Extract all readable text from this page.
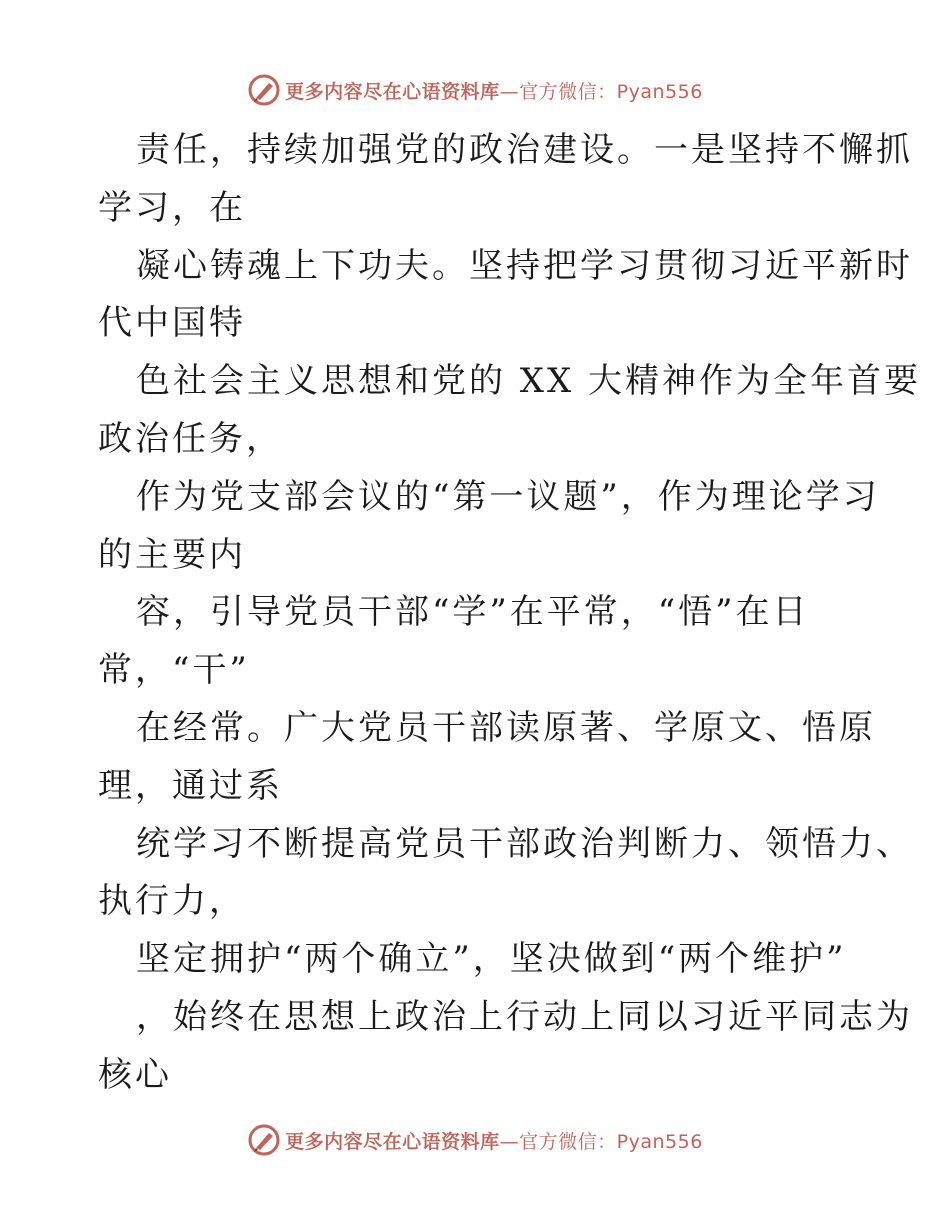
更多内容尽在心语资料库—官方微信：Pyan556
责任，持续加强党的政治建设。一是坚持不懈抓
学习，在
凝心铸魂上下功夫。坚持把学习贯彻习近平新时
代中国特
色社会主义思想和党的 XX 大精神作为全年首要
政治任务，
作为党支部会议的“第一议题”，作为理论学习
的主要内
容，引导党员干部“学”在平常，“悟”在日
常，“干”
在经常。广大党员干部读原著、学原文、悟原
理，通过系
统学习不断提高党员干部政治判断力、领悟力、
执行力，
坚定拥护“两个确立”，坚决做到“两个维护”
，始终在思想上政治上行动上同以习近平同志为
核心
更多内容尽在心语资料库—官方微信：Pyan556
